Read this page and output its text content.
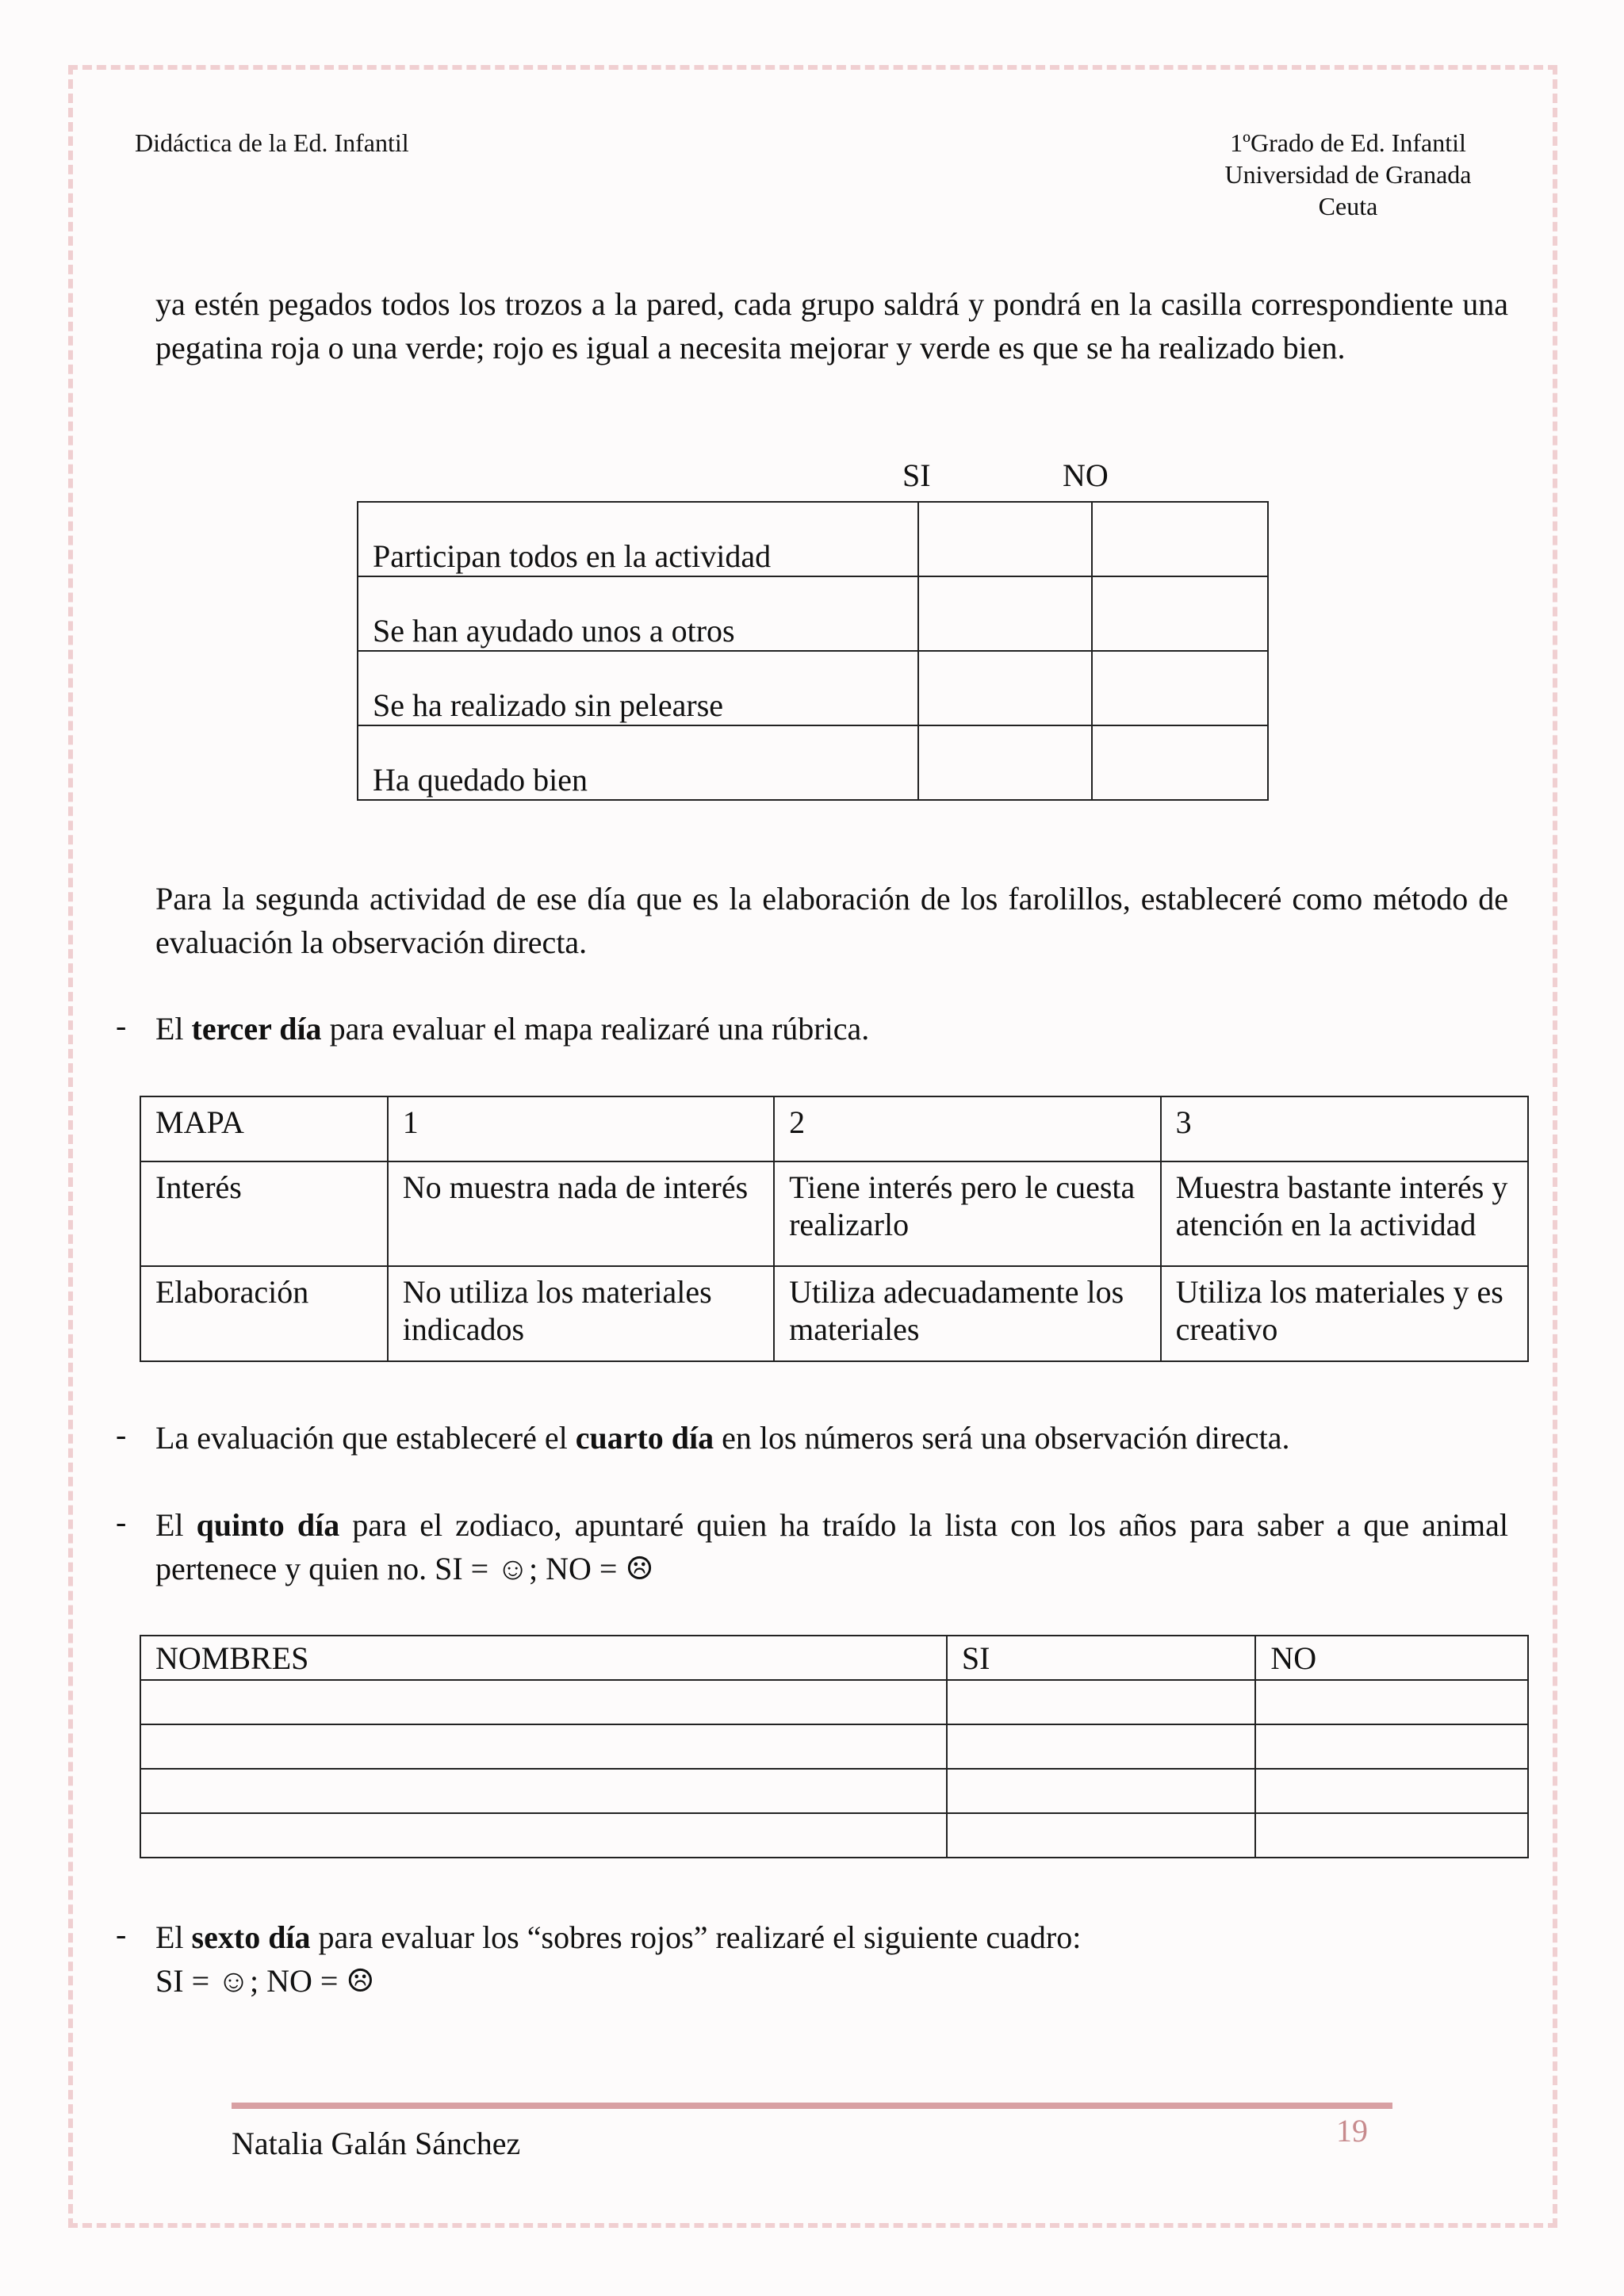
Didáctica de la Ed. Infantil	1ºGrado de Ed. Infantil
Universidad de Granada
Ceuta
ya estén pegados todos los trozos a la pared, cada grupo saldrá y pondrá en la casilla correspondiente una pegatina roja o una verde; rojo es igual a necesita mejorar y verde es que se ha realizado bien.
SI	NO
Participan todos en la actividad		
Se han ayudado unos a otros		
Se ha realizado sin pelearse		
Ha quedado bien		
Para la segunda actividad de ese día que es la elaboración de los farolillos, estableceré como método de evaluación la observación directa.
- El tercer día para evaluar el mapa realizaré una rúbrica.
MAPA	1	2	3
Interés	No muestra nada de interés	Tiene interés pero le cuesta realizarlo	Muestra bastante interés y atención en la actividad
Elaboración	No utiliza los materiales indicados	Utiliza adecuadamente los materiales	Utiliza los materiales y es creativo
- La evaluación que estableceré el cuarto día en los números será una observación directa.
- El quinto día para el zodiaco, apuntaré quien ha traído la lista con los años para saber a que animal pertenece y quien no. SI = ☺; NO = ☹
NOMBRES	SI	NO

- El sexto día para evaluar los “sobres rojos” realizaré el siguiente cuadro:
SI = ☺; NO = ☹
Natalia Galán Sánchez	19
